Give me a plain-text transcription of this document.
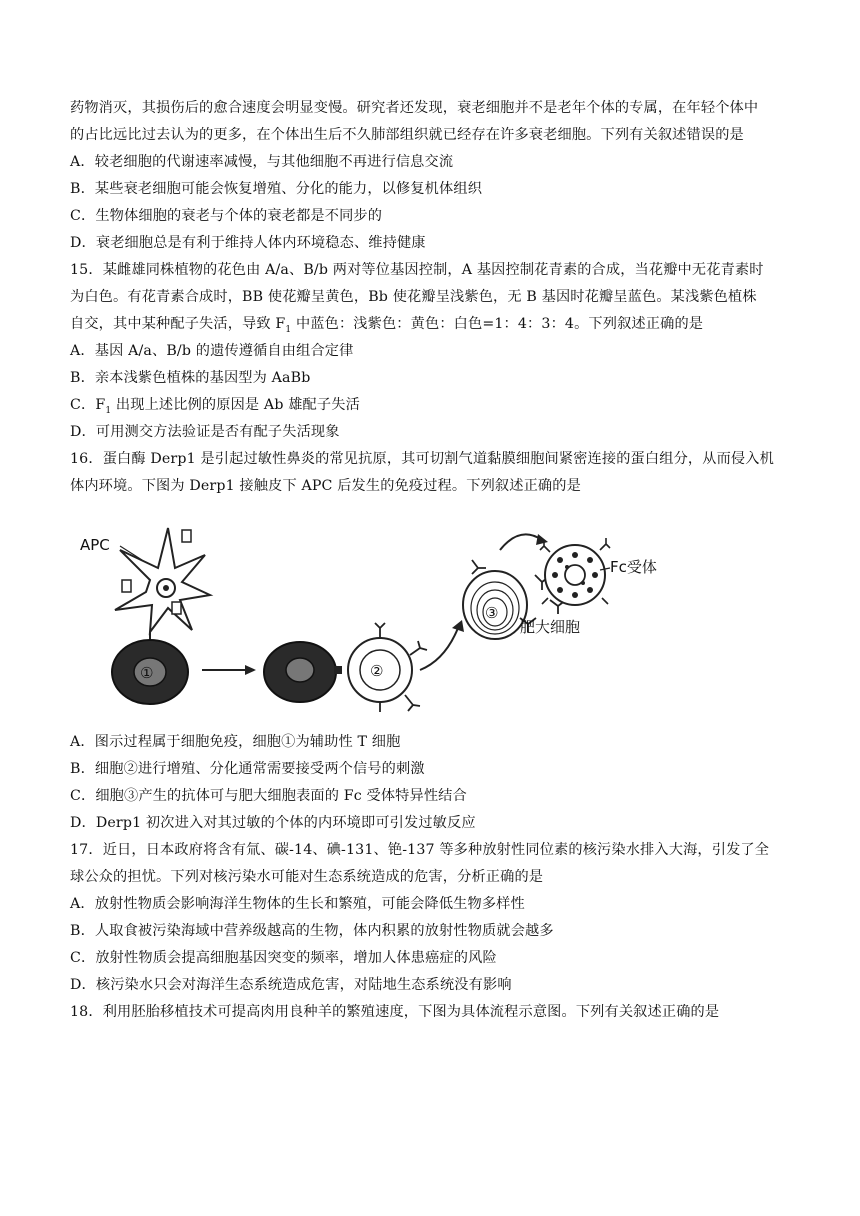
药物消灭，其损伤后的愈合速度会明显变慢。研究者还发现，衰老细胞并不是老年个体的专属，在年轻个体中
的占比远比过去认为的更多，在个体出生后不久肺部组织就已经存在许多衰老细胞。下列有关叙述错误的是
A．较老细胞的代谢速率减慢，与其他细胞不再进行信息交流
B．某些衰老细胞可能会恢复增殖、分化的能力，以修复机体组织
C．生物体细胞的衰老与个体的衰老都是不同步的
D．衰老细胞总是有利于维持人体内环境稳态、维持健康
15．某雌雄同株植物的花色由 A/a、B/b 两对等位基因控制，A 基因控制花青素的合成，当花瓣中无花青素时
为白色。有花青素合成时，BB 使花瓣呈黄色，Bb 使花瓣呈浅紫色，无 B 基因时花瓣呈蓝色。某浅紫色植株
自交，其中某种配子失活，导致 $F_1$ 中蓝色：浅紫色：黄色：白色=1：4：3：4。下列叙述正确的是
A．基因 A/a、B/b 的遗传遵循自由组合定律
B．亲本浅紫色植株的基因型为 AaBb
C．$F_1$ 出现上述比例的原因是 Ab 雄配子失活
D．可用测交方法验证是否有配子失活现象
16．蛋白酶 Derp1 是引起过敏性鼻炎的常见抗原，其可切割气道黏膜细胞间紧密连接的蛋白组分，从而侵入机
体内环境。下图为 Derp1 接触皮下 APC 后发生的免疫过程。下列叙述正确的是
APC
①	②
③
Fc受体
肥大细胞
A．图示过程属于细胞免疫，细胞①为辅助性 T 细胞
B．细胞②进行增殖、分化通常需要接受两个信号的刺激
C．细胞③产生的抗体可与肥大细胞表面的 Fc 受体特异性结合
D．Derp1 初次进入对其过敏的个体的内环境即可引发过敏反应
17．近日，日本政府将含有氚、碳-14、碘-131、铯-137 等多种放射性同位素的核污染水排入大海，引发了全
球公众的担忧。下列对核污染水可能对生态系统造成的危害，分析正确的是
A．放射性物质会影响海洋生物体的生长和繁殖，可能会降低生物多样性
B．人取食被污染海域中营养级越高的生物，体内积累的放射性物质就会越多
C．放射性物质会提高细胞基因突变的频率，增加人体患癌症的风险
D．核污染水只会对海洋生态系统造成危害，对陆地生态系统没有影响
18．利用胚胎移植技术可提高肉用良种羊的繁殖速度，下图为具体流程示意图。下列有关叙述正确的是
